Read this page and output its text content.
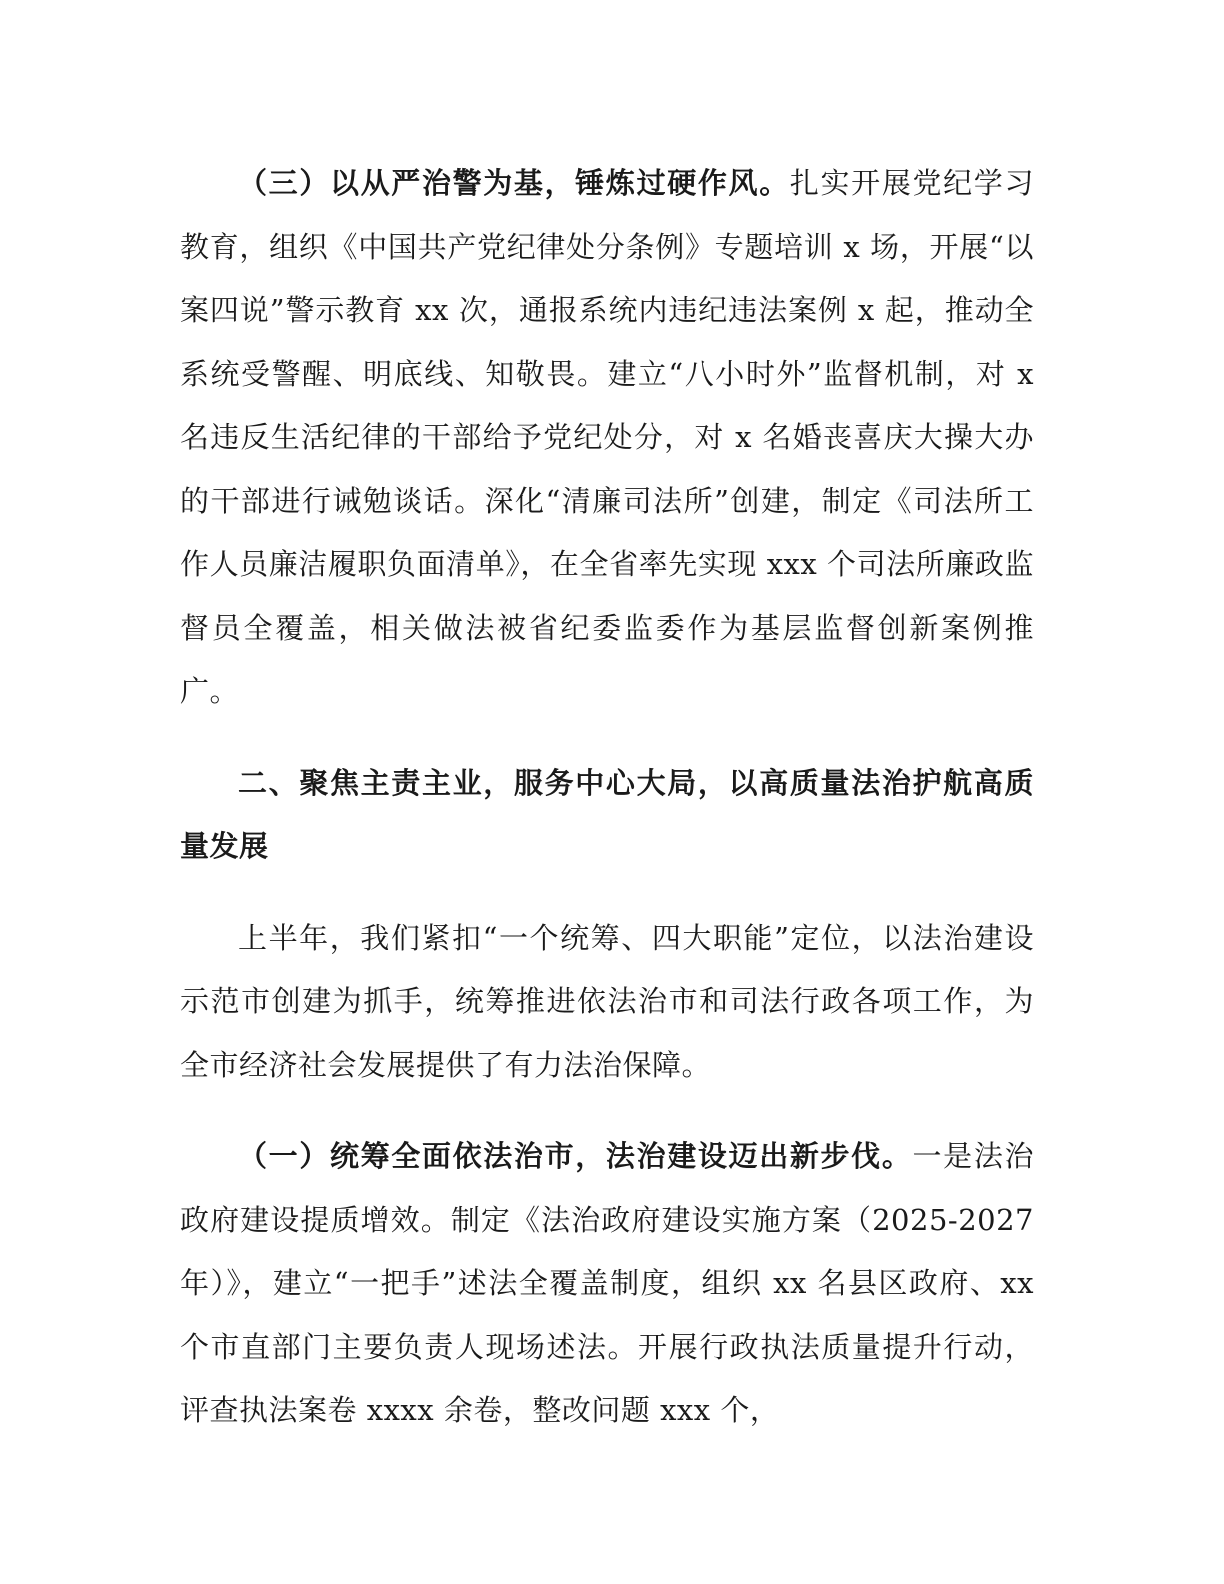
（三）以从严治警为基，锤炼过硬作风。扎实开展党纪学习教育，组织《中国共产党纪律处分条例》专题培训 x 场，开展“以案四说”警示教育 xx 次，通报系统内违纪违法案例 x 起，推动全系统受警醒、明底线、知敬畏。建立“八小时外”监督机制，对 x 名违反生活纪律的干部给予党纪处分，对 x 名婚丧喜庆大操大办的干部进行诫勉谈话。深化“清廉司法所”创建，制定《司法所工作人员廉洁履职负面清单》，在全省率先实现 xxx 个司法所廉政监督员全覆盖，相关做法被省纪委监委作为基层监督创新案例推广。

二、聚焦主责主业，服务中心大局，以高质量法治护航高质量发展

上半年，我们紧扣“一个统筹、四大职能”定位，以法治建设示范市创建为抓手，统筹推进依法治市和司法行政各项工作，为全市经济社会发展提供了有力法治保障。

（一）统筹全面依法治市，法治建设迈出新步伐。一是法治政府建设提质增效。制定《法治政府建设实施方案（2025-2027 年）》，建立“一把手”述法全覆盖制度，组织 xx 名县区政府、xx 个市直部门主要负责人现场述法。开展行政执法质量提升行动，评查执法案卷 xxxx 余卷，整改问题 xxx 个，
